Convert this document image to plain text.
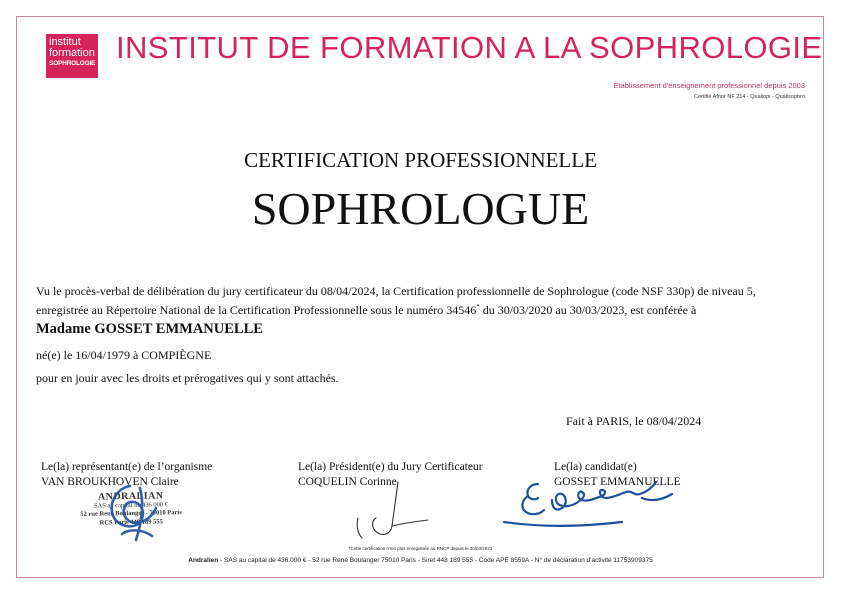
institut
formation
SOPHROLOGIE INSTITUT DE FORMATION A LA SOPHROLOGIE
Etablissement d'enseignement professionnel depuis 2003
Certifié Afnor NF 214 - Qualiopi - Qualisophro
CERTIFICATION PROFESSIONNELLE
SOPHROLOGUE
Vu le procès-verbal de délibération du jury certificateur du 08/04/2024, la Certification professionnelle de Sophrologue (code NSF 330p) de niveau 5,
enregistrée au Répertoire National de la Certification Professionnelle sous le numéro 34546* du 30/03/2020 au 30/03/2023, est conférée à
Madame GOSSET EMMANUELLE
né(e) le 16/04/1979 à COMPIÈGNE
pour en jouir avec les droits et prérogatives qui y sont attachés.
Fait à PARIS, le 08/04/2024
Le(la) représentant(e) de l’organisme
VAN BROUKHOVEN Claire
Le(la) Président(e) du Jury Certificateur
COQUELIN Corinne
Le(la) candidat(e)
GOSSET EMMANUELLE
ANDRALIAN
SAS au capital de 436 000 €
52 rue René Boulanger - 75010 Paris
RCS Paris 448 189 555
*Cette certification n'est plus enregistrée au RNCP depuis le 30/03/2023
Andralien - SAS au capital de 436.000 € - 52 rue René Boulanger 75010 Paris - Siret 448 189 555 - Code APE 8559A - N° de déclaration d'activité 11753909375
